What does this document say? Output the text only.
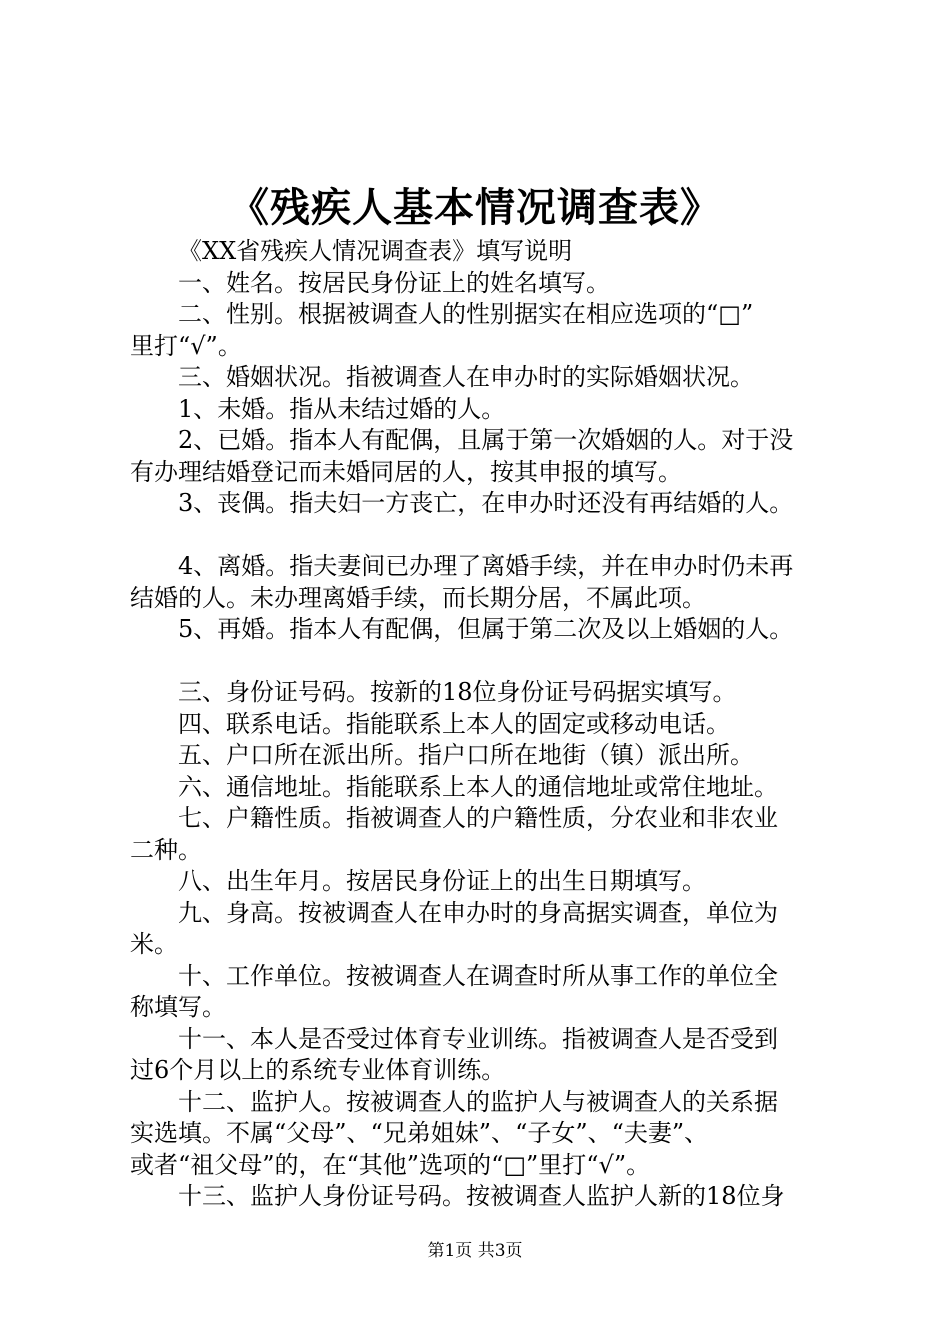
《残疾人基本情况调查表》
《XX省残疾人情况调查表》填写说明
一、姓名。按居民身份证上的姓名填写。
二、性别。根据被调查人的性别据实在相应选项的“□”
里打“√”。
三、婚姻状况。指被调查人在申办时的实际婚姻状况。
1、未婚。指从未结过婚的人。
2、已婚。指本人有配偶，且属于第一次婚姻的人。对于没
有办理结婚登记而未婚同居的人，按其申报的填写。
3、丧偶。指夫妇一方丧亡，在申办时还没有再结婚的人。
4、离婚。指夫妻间已办理了离婚手续，并在申办时仍未再
结婚的人。未办理离婚手续，而长期分居，不属此项。
5、再婚。指本人有配偶，但属于第二次及以上婚姻的人。
三、身份证号码。按新的18位身份证号码据实填写。
四、联系电话。指能联系上本人的固定或移动电话。
五、户口所在派出所。指户口所在地街（镇）派出所。
六、通信地址。指能联系上本人的通信地址或常住地址。
七、户籍性质。指被调查人的户籍性质，分农业和非农业
二种。
八、出生年月。按居民身份证上的出生日期填写。
九、身高。按被调查人在申办时的身高据实调查，单位为
米。
十、工作单位。按被调查人在调查时所从事工作的单位全
称填写。
十一、本人是否受过体育专业训练。指被调查人是否受到
过6个月以上的系统专业体育训练。
十二、监护人。按被调查人的监护人与被调查人的关系据
实选填。不属“父母”、“兄弟姐妹”、“子女”、“夫妻”、
或者“祖父母”的，在“其他”选项的“□”里打“√”。
十三、监护人身份证号码。按被调查人监护人新的18位身
第1页 共3页
